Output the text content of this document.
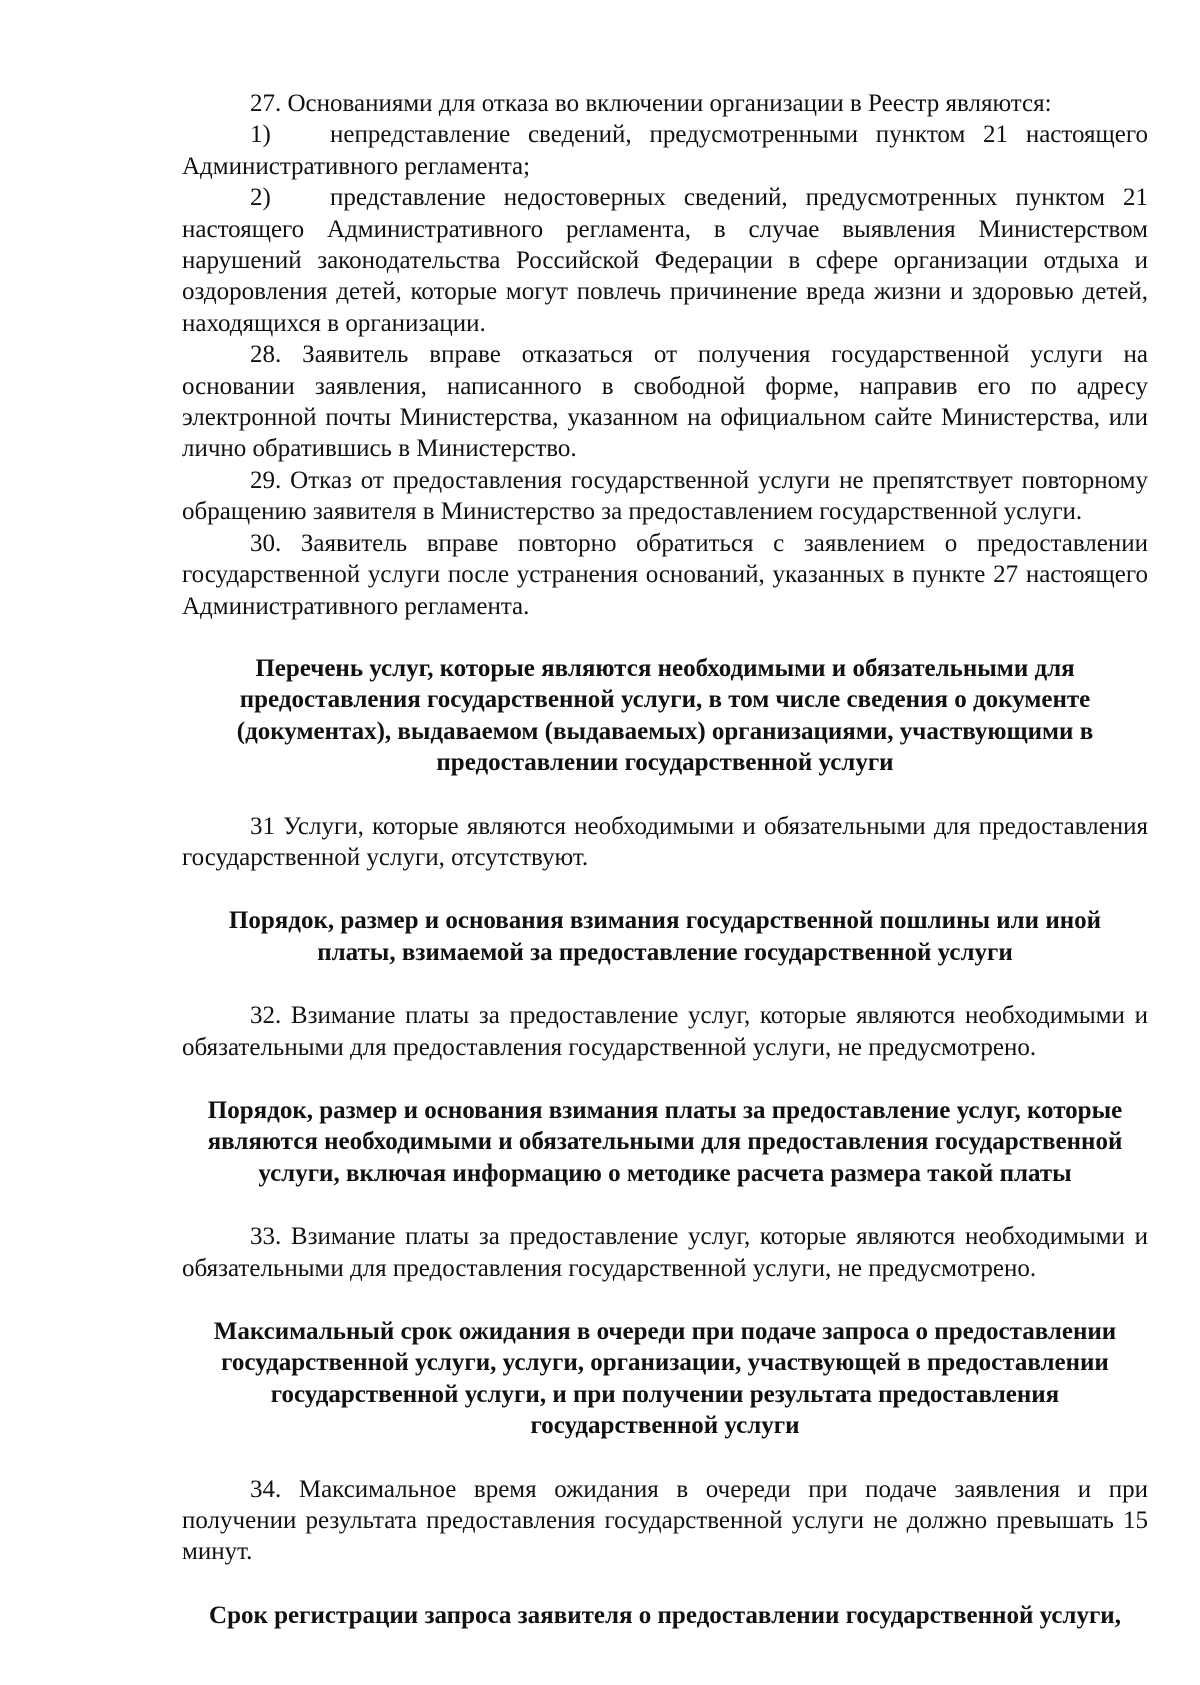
27. Основаниями для отказа во включении организации в Реестр являются:

1) непредставление сведений, предусмотренными пунктом 21 настоящего Административного регламента;

2) представление недостоверных сведений, предусмотренных пунктом 21 настоящего Административного регламента, в случае выявления Министерством нарушений законодательства Российской Федерации в сфере организации отдыха и оздоровления детей, которые могут повлечь причинение вреда жизни и здоровью детей, находящихся в организации.

28. Заявитель вправе отказаться от получения государственной услуги на основании заявления, написанного в свободной форме, направив его по адресу электронной почты Министерства, указанном на официальном сайте Министерства, или лично обратившись в Министерство.

29. Отказ от предоставления государственной услуги не препятствует повторному обращению заявителя в Министерство за предоставлением государственной услуги.

30. Заявитель вправе повторно обратиться с заявлением о предоставлении государственной услуги после устранения оснований, указанных в пункте 27 настоящего Административного регламента.

Перечень услуг, которые являются необходимыми и обязательными для
предоставления государственной услуги, в том числе сведения о документе
(документах), выдаваемом (выдаваемых) организациями, участвующими в
предоставлении государственной услуги

31 Услуги, которые являются необходимыми и обязательными для предоставления государственной услуги, отсутствуют.

Порядок, размер и основания взимания государственной пошлины или иной
платы, взимаемой за предоставление государственной услуги

32. Взимание платы за предоставление услуг, которые являются необходимыми и обязательными для предоставления государственной услуги, не предусмотрено.

Порядок, размер и основания взимания платы за предоставление услуг, которые
являются необходимыми и обязательными для предоставления государственной
услуги, включая информацию о методике расчета размера такой платы

33. Взимание платы за предоставление услуг, которые являются необходимыми и обязательными для предоставления государственной услуги, не предусмотрено.

Максимальный срок ожидания в очереди при подаче запроса о предоставлении
государственной услуги, услуги, организации, участвующей в предоставлении
государственной услуги, и при получении результата предоставления
государственной услуги

34. Максимальное время ожидания в очереди при подаче заявления и при получении результата предоставления государственной услуги не должно превышать 15 минут.

Срок регистрации запроса заявителя о предоставлении государственной услуги,
